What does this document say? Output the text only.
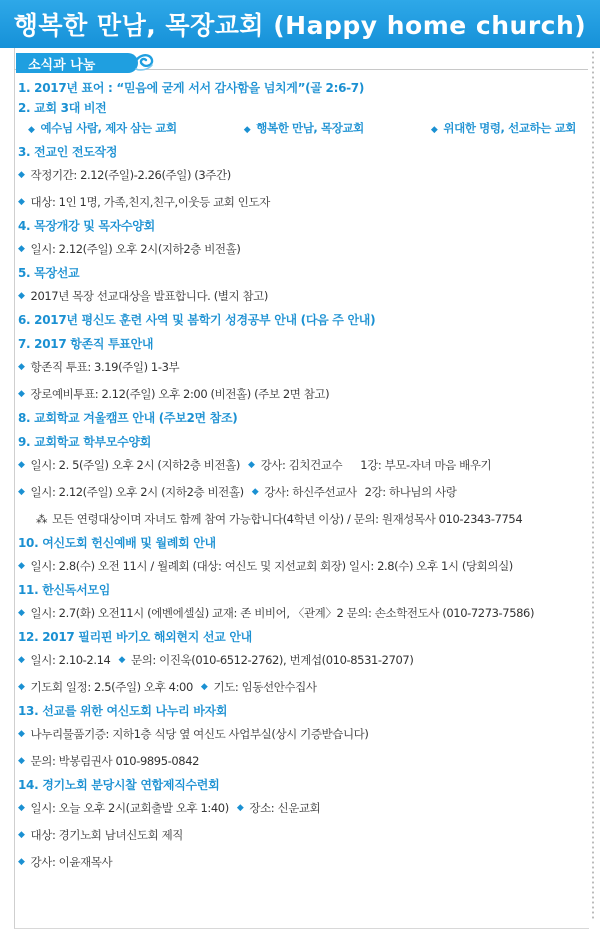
행복한 만남, 목장교회 (Happy home church)
소식과 나눔
1. 2017년 표어 : “믿음에 굳게 서서 감사함을 넘치게”(골 2:6-7)
2. 교회 3대 비전
◆ 예수님 사람, 제자 삼는 교회	◆ 행복한 만남, 목장교회	◆ 위대한 명령, 선교하는 교회
3. 전교인 전도작정
◆ 작정기간: 2.12(주일)-2.26(주일) (3주간)
◆ 대상: 1인 1명, 가족,친지,친구,이웃등 교회 인도자
4. 목장개강 및 목자수양회
◆ 일시: 2.12(주일) 오후 2시(지하2층 비전홀)
5. 목장선교
◆ 2017년 목장 선교대상을 발표합니다. (별지 참고)
6. 2017년 평신도 훈련 사역 및 봄학기 성경공부 안내 (다음 주 안내)
7. 2017 항존직 투표안내
◆ 항존직 투표: 3.19(주일) 1-3부
◆ 장로예비투표: 2.12(주일) 오후 2:00 (비전홀) (주보 2면 참고)
8. 교회학교 겨울캠프 안내 (주보2면 참조)
9. 교회학교 학부모수양회
◆ 일시: 2. 5(주일) 오후 2시 (지하2층 비전홀) ◆ 강사: 김치건교수 1강: 부모-자녀 마음 배우기
◆ 일시: 2.12(주일) 오후 2시 (지하2층 비전홀) ◆ 강사: 하신주선교사 2강: 하나님의 사랑
⁂ 모든 연령대상이며 자녀도 함께 참여 가능합니다(4학년 이상) / 문의: 원재성목사 010-2343-7754
10. 여신도회 헌신예배 및 월례회 안내
◆ 일시: 2.8(수) 오전 11시 / 월례회 (대상: 여신도 및 지선교회 회장) 일시: 2.8(수) 오후 1시 (당회의실)
11. 한신독서모임
◆ 일시: 2.7(화) 오전11시 (에벤에셀실) 교재: 존 비비어, 〈관계〉2 문의: 손소학전도사 (010-7273-7586)
12. 2017 필리핀 바기오 해외현지 선교 안내
◆ 일시: 2.10-2.14 ◆ 문의: 이진욱(010-6512-2762), 번계섭(010-8531-2707)
◆ 기도회 일정: 2.5(주일) 오후 4:00 ◆ 기도: 임동선안수집사
13. 선교를 위한 여신도회 나누리 바자회
◆ 나누리물품기증: 지하1층 식당 옆 여신도 사업부실(상시 기증받습니다)
◆ 문의: 박봉림권사 010-9895-0842
14. 경기노회 분당시찰 연합제직수련회
◆ 일시: 오늘 오후 2시(교회출발 오후 1:40) ◆ 장소: 신운교회
◆ 대상: 경기노회 남녀신도회 제직
◆ 강사: 이윤재목사
